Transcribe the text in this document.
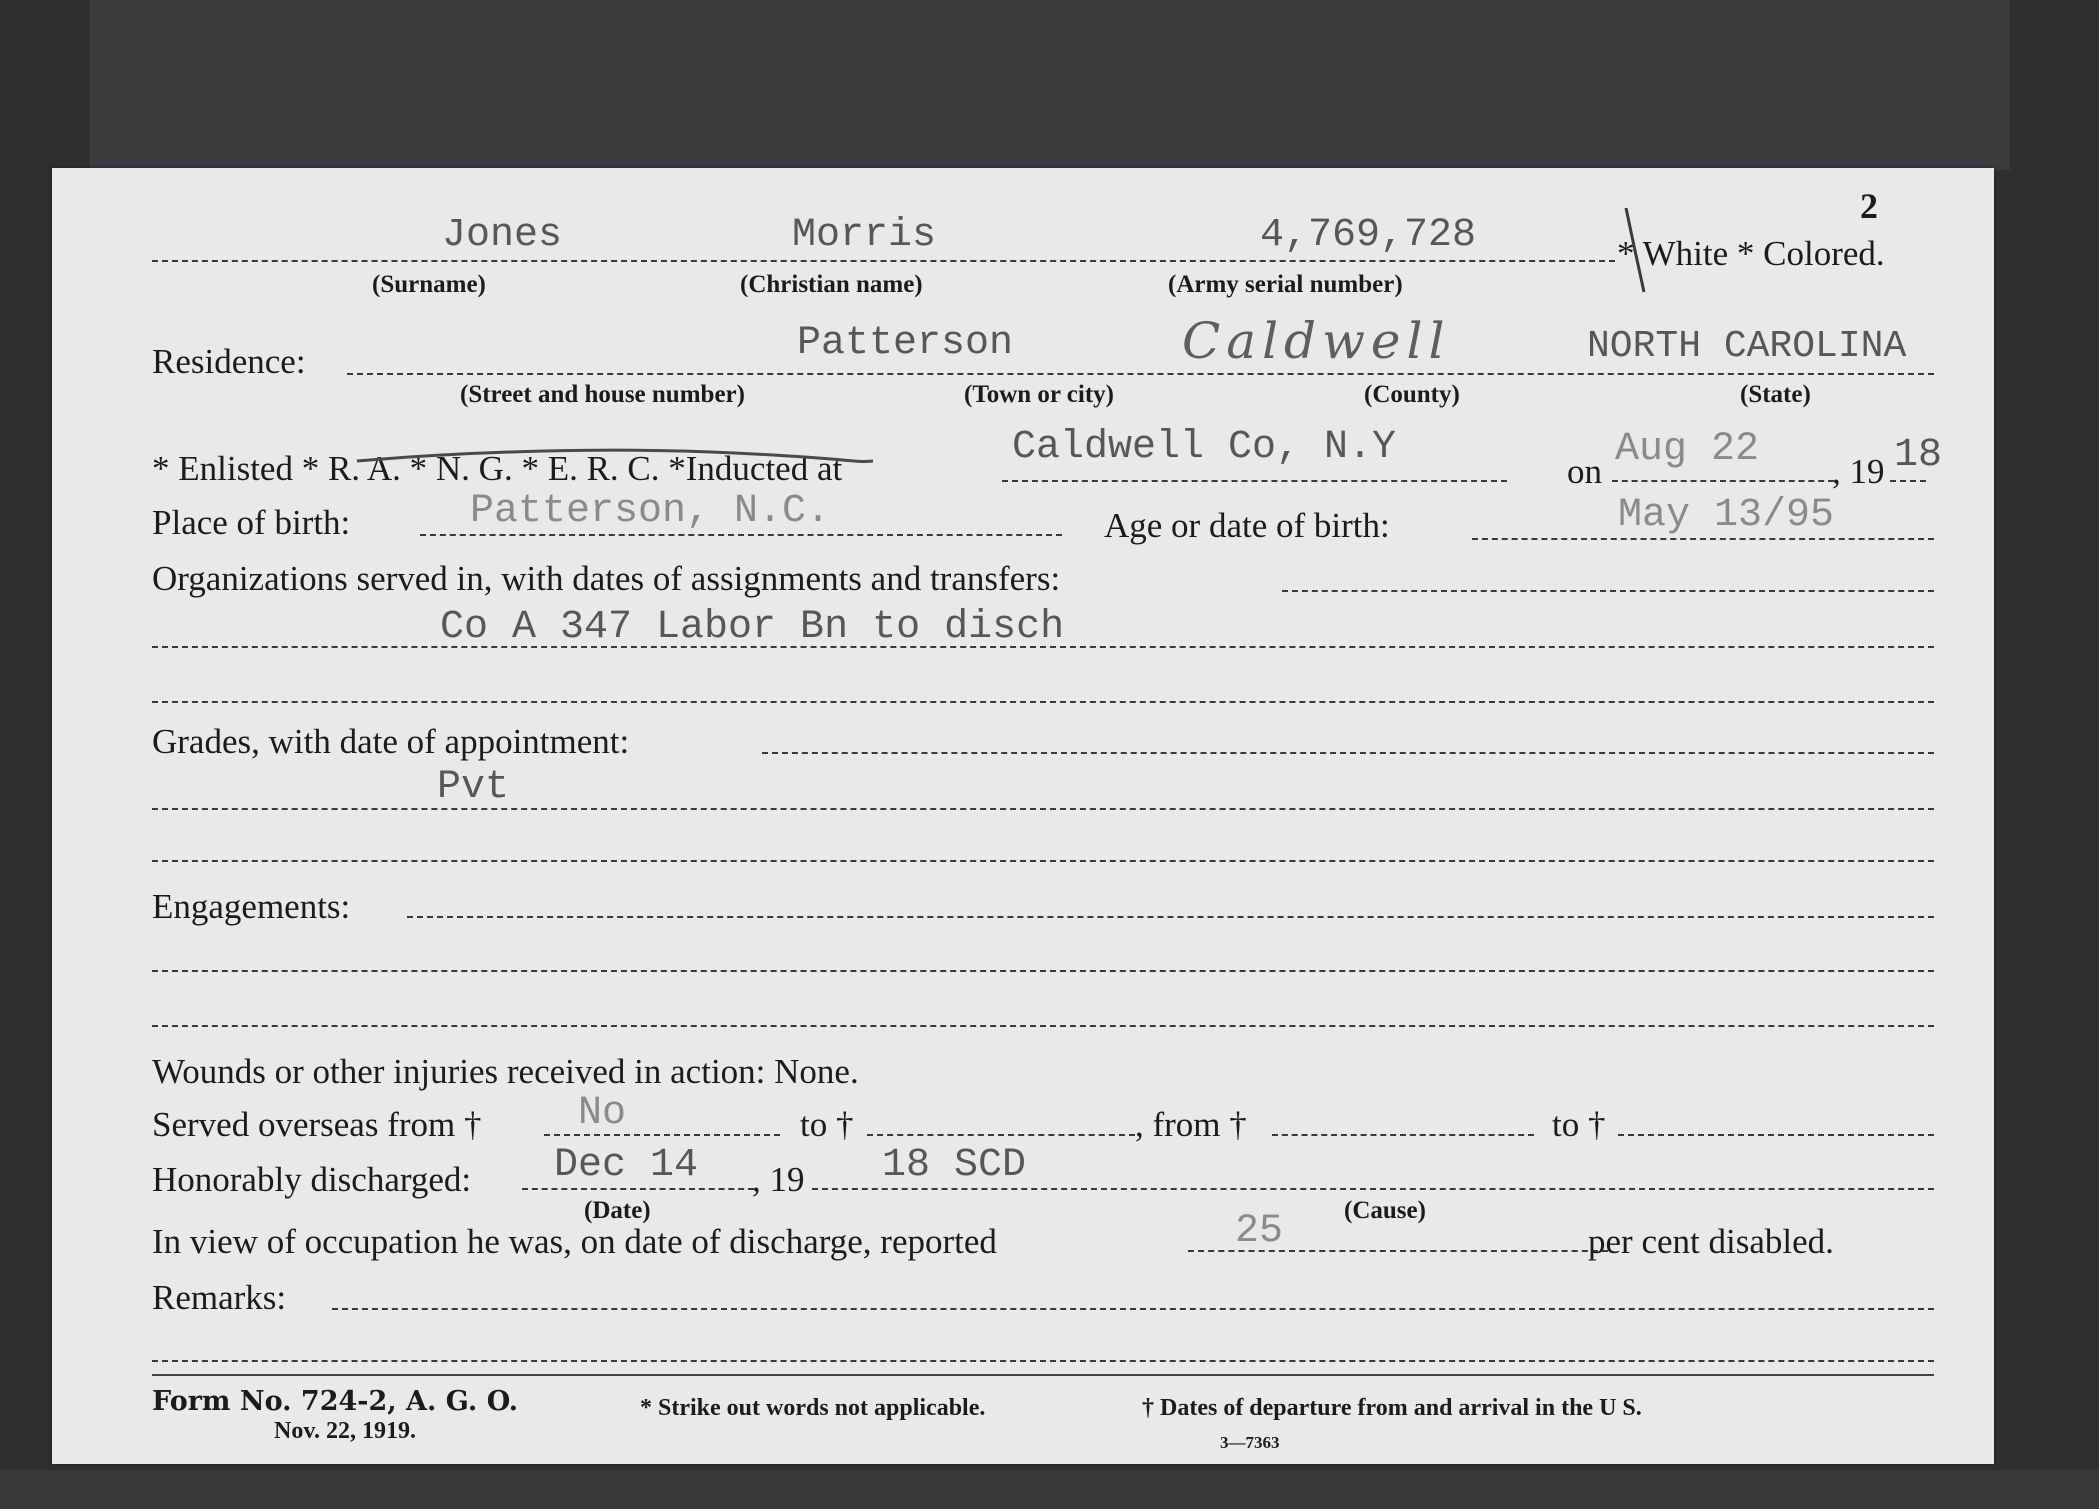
2
Jones	Morris	4,769,728	* White * Colored.
(Surname)	(Christian name)	(Army serial number)
Residence:	Patterson	Caldwell	NORTH CAROLINA
(Street and house number)	(Town or city)	(County)	(State)
* Enlisted * R. A. * N. G. * E. R. C. *Inducted at	Caldwell Co, N.Y
on Aug 22 , 19 18
Place of birth:	Patterson, N.C.	Age or date of birth:	May 13/95
Organizations served in, with dates of assignments and transfers:
Co A 347 Labor Bn to disch
Grades, with date of appointment:
Pvt
Engagements:
Wounds or other injuries received in action: None.
Served overseas from † No	to †	, from †	to †
Honorably discharged: Dec 14 , 19 18 SCD
(Date)	(Cause)
In view of occupation he was, on date of discharge, reported	25	per cent disabled.
Remarks:
Form No. 724-2, A. G. O.
Nov. 22, 1919.
* Strike out words not applicable.	† Dates of departure from and arrival in the U S.
3—7363
